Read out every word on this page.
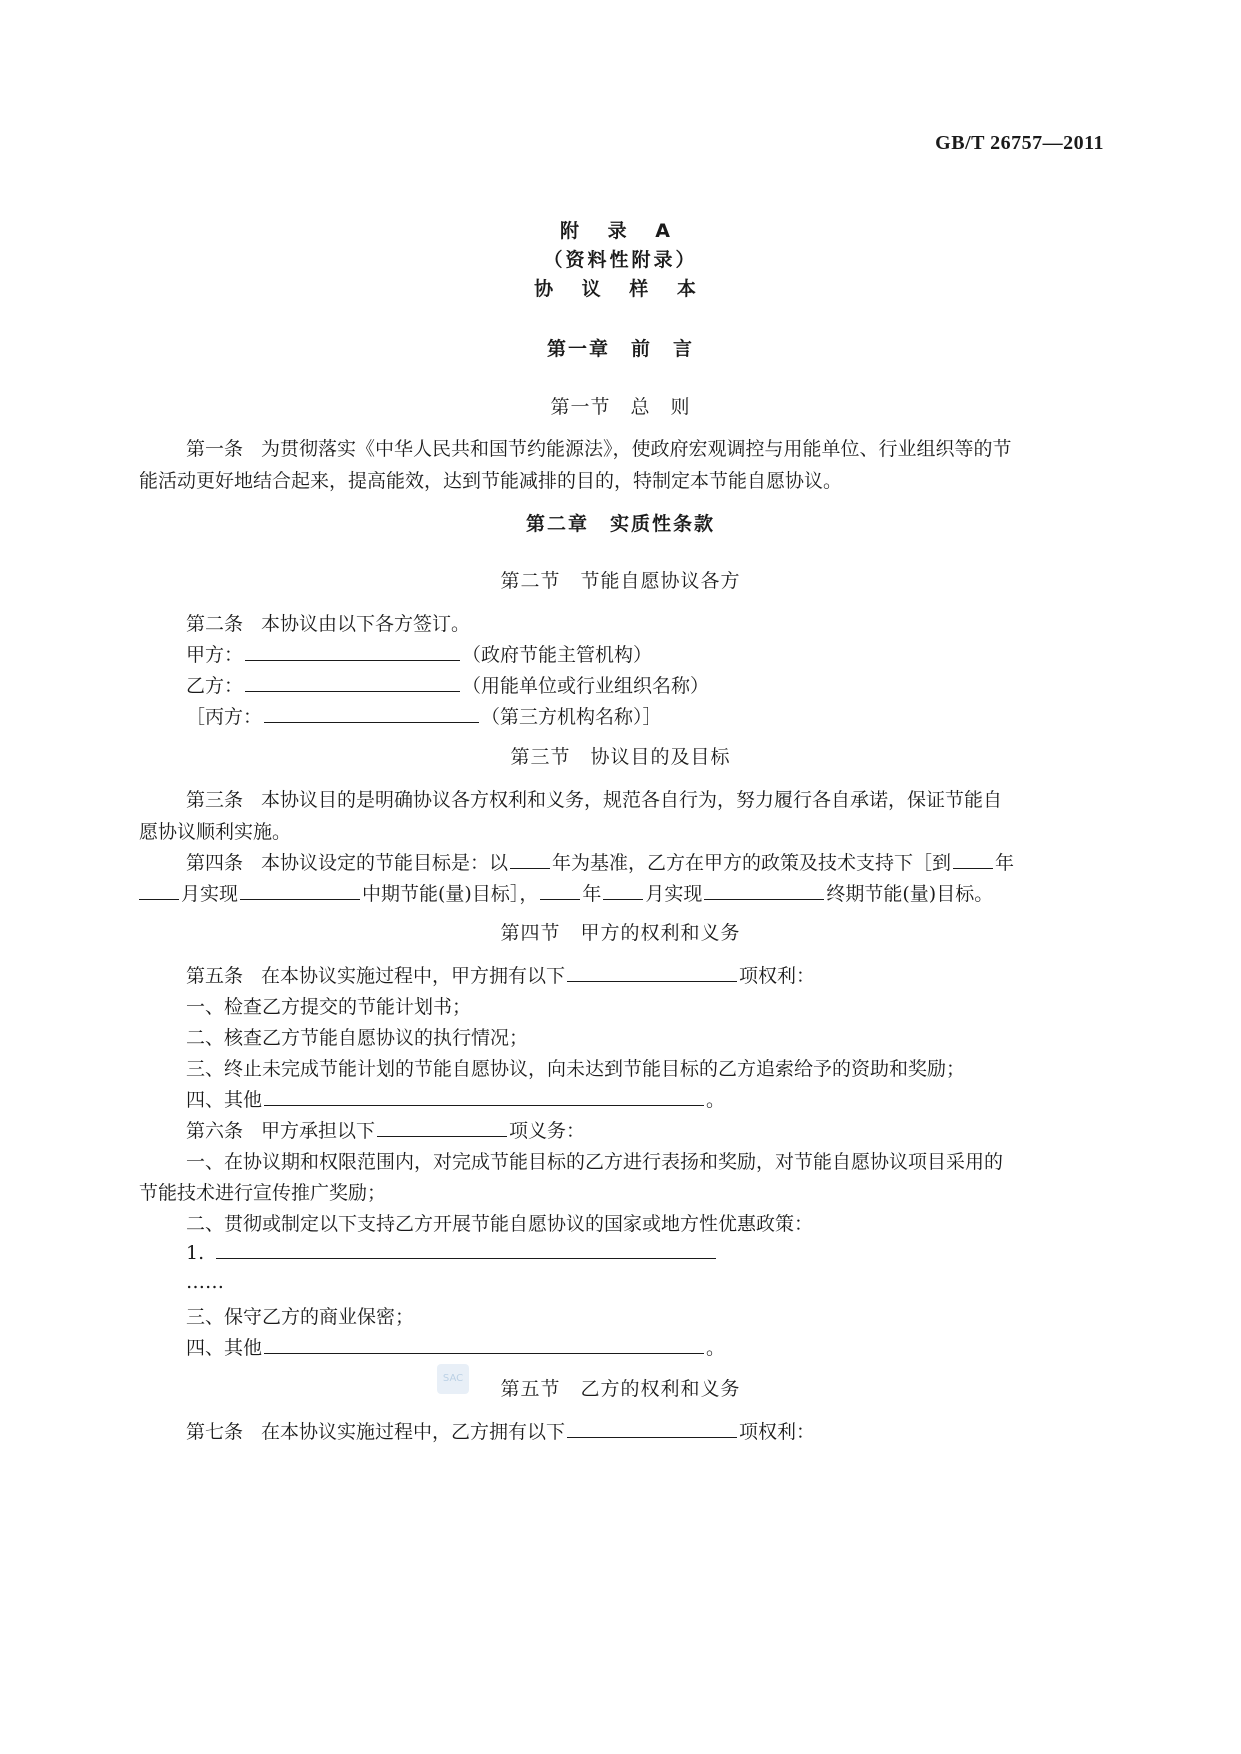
GB/T 26757—2011
附 录 A
（资料性附录）
协 议 样 本
第一章　前　言
第一节　总　则
第一条 为贯彻落实《中华人民共和国节约能源法》，使政府宏观调控与用能单位、行业组织等的节
能活动更好地结合起来，提高能效，达到节能减排的目的，特制定本节能自愿协议。
第二章　实质性条款
第二节　节能自愿协议各方
第二条 本协议由以下各方签订。
甲方：	（政府节能主管机构）
乙方：	（用能单位或行业组织名称）
［丙方：	（第三方机构名称）］
第三节　协议目的及目标
第三条 本协议目的是明确协议各方权利和义务，规范各自行为，努力履行各自承诺，保证节能自
愿协议顺利实施。
第四条 本协议设定的节能目标是：以 年为基准，乙方在甲方的政策及技术支持下［到 年
月实现	中期节能(量)目标］， 年 月实现	终期节能(量)目标。
第四节　甲方的权利和义务
第五条 在本协议实施过程中，甲方拥有以下	项权利：
一、检查乙方提交的节能计划书；
二、核查乙方节能自愿协议的执行情况；
三、终止未完成节能计划的节能自愿协议，向未达到节能目标的乙方追索给予的资助和奖励；
四、其他	。
第六条 甲方承担以下	项义务：
一、在协议期和权限范围内，对完成节能目标的乙方进行表扬和奖励，对节能自愿协议项目采用的
节能技术进行宣传推广奖励；
二、贯彻或制定以下支持乙方开展节能自愿协议的国家或地方性优惠政策：
1.
SAC
……
三、保守乙方的商业保密；
四、其他	。
第五节　乙方的权利和义务
第七条 在本协议实施过程中，乙方拥有以下	项权利：
